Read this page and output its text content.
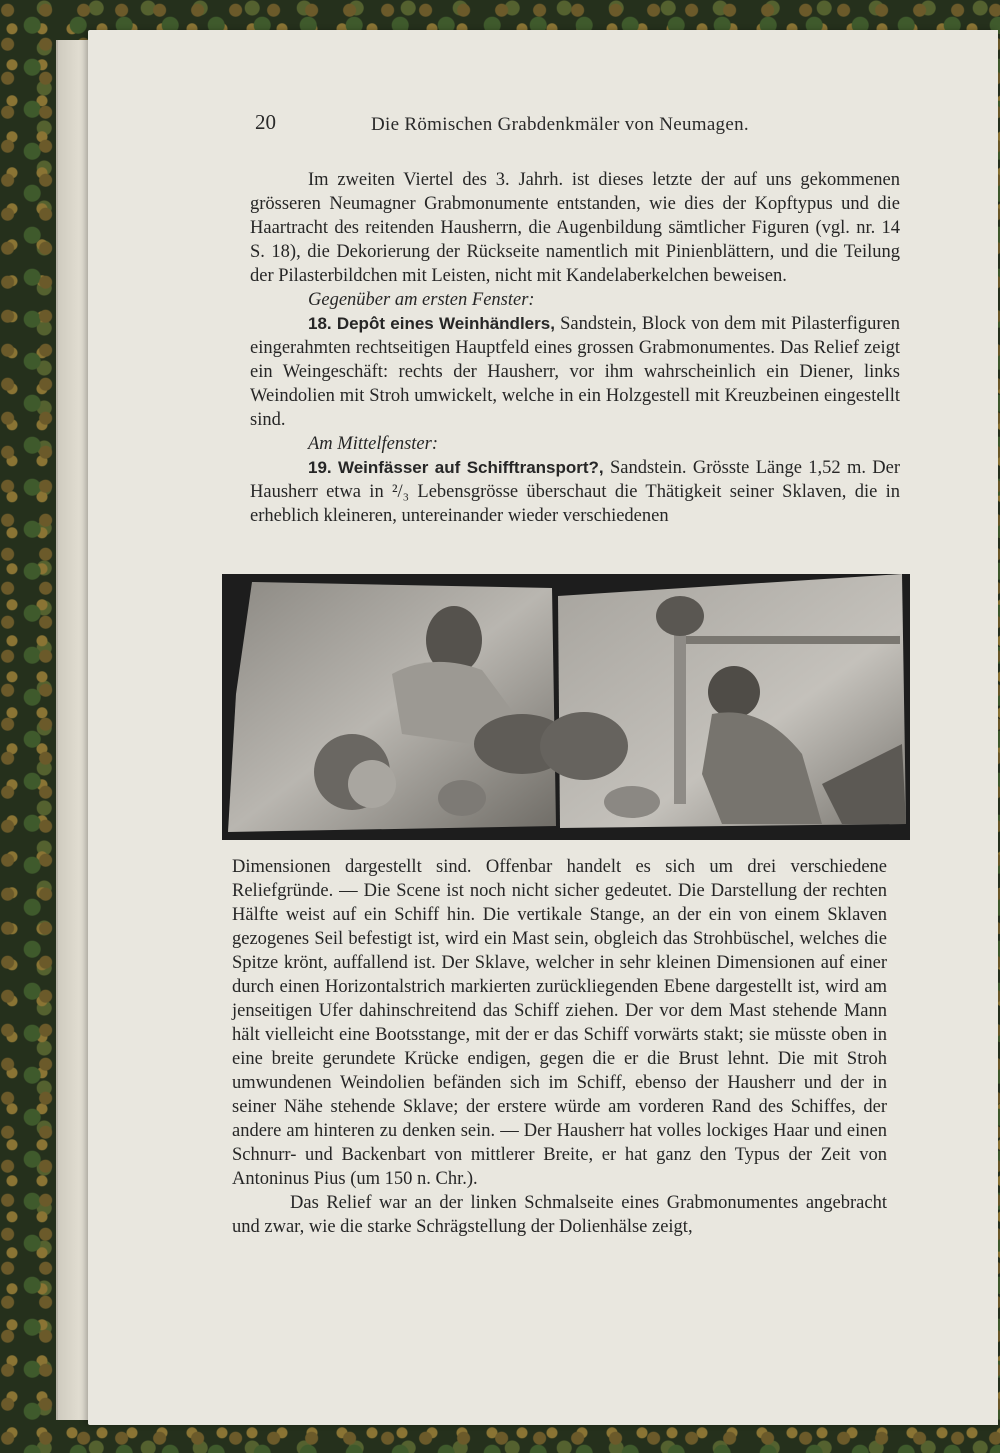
20	Die Römischen Grabdenkmäler von Neumagen.

Im zweiten Viertel des 3. Jahrh. ist dieses letzte der auf uns gekommenen grösseren Neumagner Grabmonumente entstanden, wie dies der Kopftypus und die Haartracht des reitenden Hausherrn, die Augenbildung sämtlicher Figuren (vgl. nr. 14 S. 18), die Dekorierung der Rückseite namentlich mit Pinienblättern, und die Teilung der Pilasterbildchen mit Leisten, nicht mit Kandelaberkelchen beweisen.

Gegenüber am ersten Fenster:

18. Depôt eines Weinhändlers, Sandstein, Block von dem mit Pilasterfiguren eingerahmten rechtseitigen Hauptfeld eines grossen Grabmonumentes. Das Relief zeigt ein Weingeschäft: rechts der Hausherr, vor ihm wahrscheinlich ein Diener, links Weindolien mit Stroh umwickelt, welche in ein Holzgestell mit Kreuzbeinen eingestellt sind.

Am Mittelfenster:

19. Weinfässer auf Schifftransport?, Sandstein. Grösste Länge 1,52 m. Der Hausherr etwa in ²/₃ Lebensgrösse überschaut die Thätigkeit seiner Sklaven, die in erheblich kleineren, untereinander wieder verschiedenen

Dimensionen dargestellt sind. Offenbar handelt es sich um drei verschiedene Reliefgründe. — Die Scene ist noch nicht sicher gedeutet. Die Darstellung der rechten Hälfte weist auf ein Schiff hin. Die vertikale Stange, an der ein von einem Sklaven gezogenes Seil befestigt ist, wird ein Mast sein, obgleich das Strohbüschel, welches die Spitze krönt, auffallend ist. Der Sklave, welcher in sehr kleinen Dimensionen auf einer durch einen Horizontalstrich markierten zurückliegenden Ebene dargestellt ist, wird am jenseitigen Ufer dahinschreitend das Schiff ziehen. Der vor dem Mast stehende Mann hält vielleicht eine Bootsstange, mit der er das Schiff vorwärts stakt; sie müsste oben in eine breite gerundete Krücke endigen, gegen die er die Brust lehnt. Die mit Stroh umwundenen Weindolien befänden sich im Schiff, ebenso der Hausherr und der in seiner Nähe stehende Sklave; der erstere würde am vorderen Rand des Schiffes, der andere am hinteren zu denken sein. — Der Hausherr hat volles lockiges Haar und einen Schnurr- und Backenbart von mittlerer Breite, er hat ganz den Typus der Zeit von Antoninus Pius (um 150 n. Chr.).

Das Relief war an der linken Schmalseite eines Grabmonumentes angebracht und zwar, wie die starke Schrägstellung der Dolienhälse zeigt,
